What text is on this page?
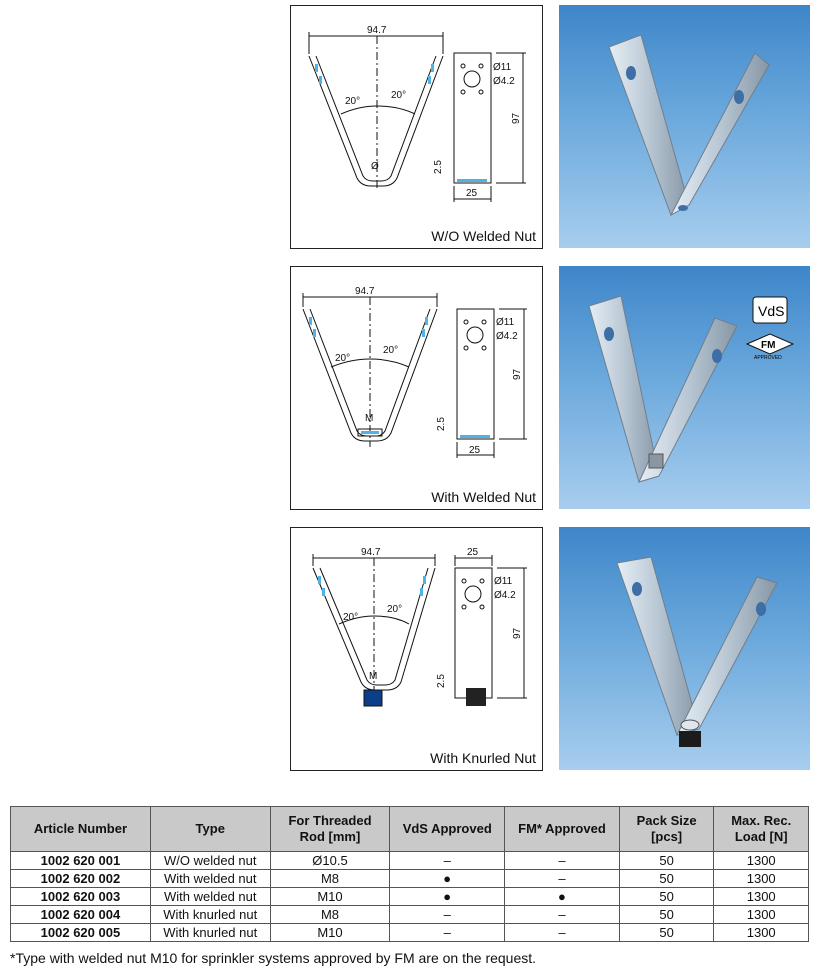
94.7
20°
20°
Ø
Ø11
Ø4.2
97
2.5
25
W/O Welded Nut
94.7
20°
20°
M
Ø11
Ø4.2
97
2.5
25
With Welded Nut
94.7
20°
20°
M
Ø11
Ø4.2
97
2.5
25
With Knurled Nut
VdS
FM
APPROVED
Article Number	Type	For Threaded Rod [mm]	VdS Approved	FM* Approved	Pack Size [pcs]	Max. Rec. Load [N]
1002 620 001	W/O welded nut	Ø10.5	–	–	50	1300
1002 620 002	With welded nut	M8	●	–	50	1300
1002 620 003	With welded nut	M10	●	●	50	1300
1002 620 004	With knurled nut	M8	–	–	50	1300
1002 620 005	With knurled nut	M10	–	–	50	1300
*Type with welded nut M10 for sprinkler systems approved by FM are on the request.
